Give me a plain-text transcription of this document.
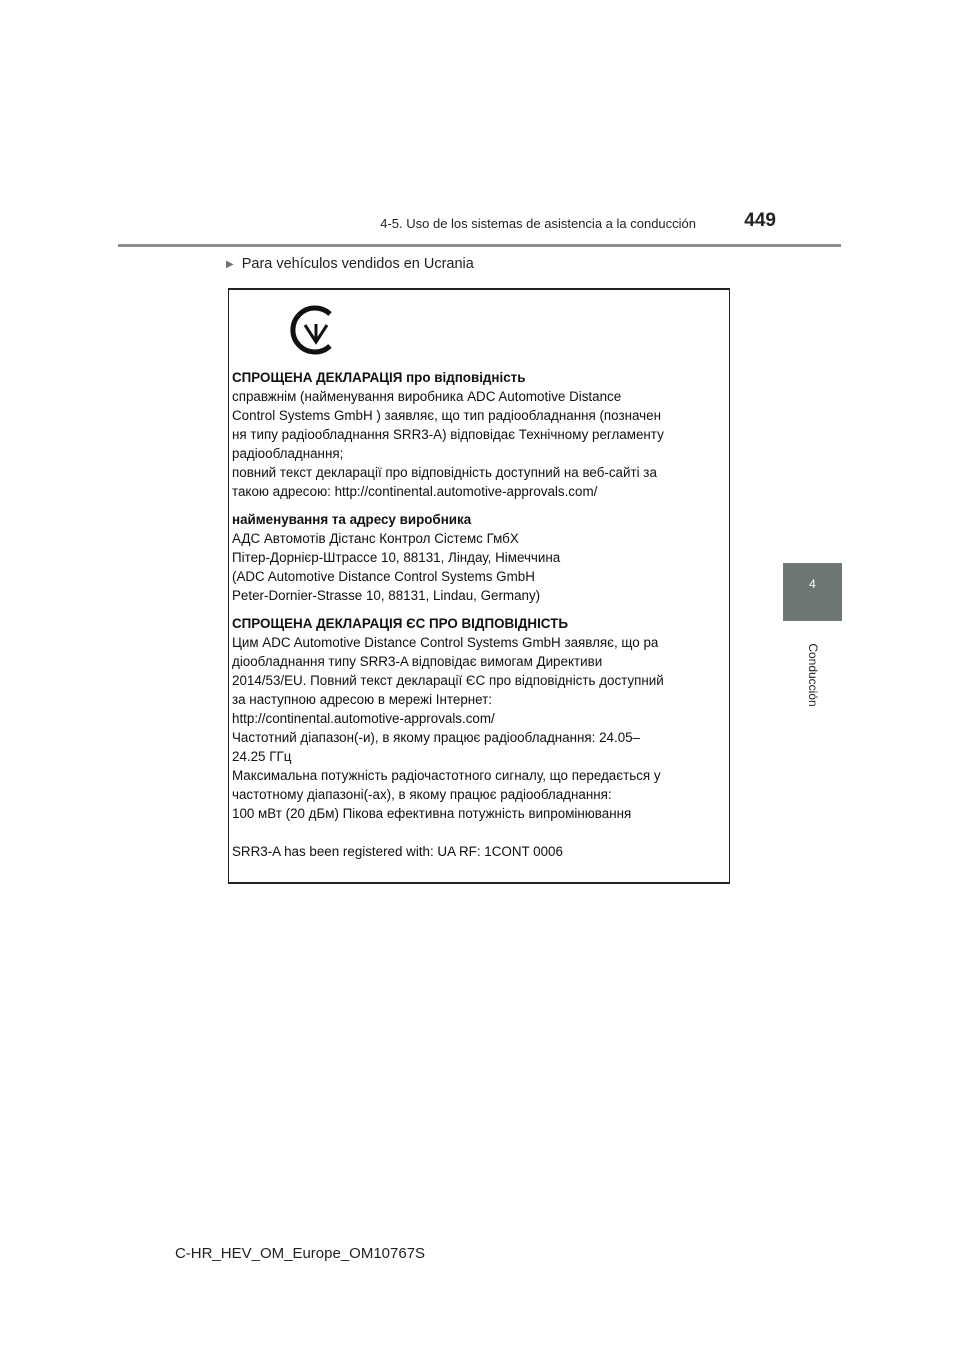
4-5. Uso de los sistemas de asistencia a la conducción	449
4
Conducción
▶ Para vehículos vendidos en Ucrania
СПРОЩЕНА ДЕКЛАРАЦІЯ про відповідність
справжнім (найменування виробника ADC Automotive Distance
Control Systems GmbH ) заявляє, що тип радіообладнання (позначен
ня типу радіообладнання SRR3-A) відповідає Технічному регламенту
радіообладнання;
повний текст декларації про відповідність доступний на веб-сайті за
такою адресою: http://continental.automotive-approvals.com/
найменування та адресу виробника
АДС Автомотів Дістанс Контрол Сістемс ГмбХ
Пітер-Дорнієр-Штрассе 10, 88131, Ліндау, Німеччина
(ADC Automotive Distance Control Systems GmbH
Peter-Dornier-Strasse 10, 88131, Lindau, Germany)
СПРОЩЕНА ДЕКЛАРАЦІЯ ЄС ПРО ВІДПОВІДНІСТЬ
Цим ADC Automotive Distance Control Systems GmbH заявляє, що ра
діообладнання типу SRR3-A відповідає вимогам Директиви
2014/53/EU. Повний текст декларації ЄС про відповідність доступний
за наступною адресою в мережі Інтернет:
http://continental.automotive-approvals.com/
Частотний діапазон(-и), в якому працює радіообладнання: 24.05–
24.25 ГГц
Максимальна потужність радіочастотного сигналу, що передається у
частотному діапазоні(-ах), в якому працює радіообладнання:
100 мВт (20 дБм) Пікова ефективна потужність випромінювання
SRR3-A has been registered with: UA RF: 1CONT 0006
C-HR_HEV_OM_Europe_OM10767S
